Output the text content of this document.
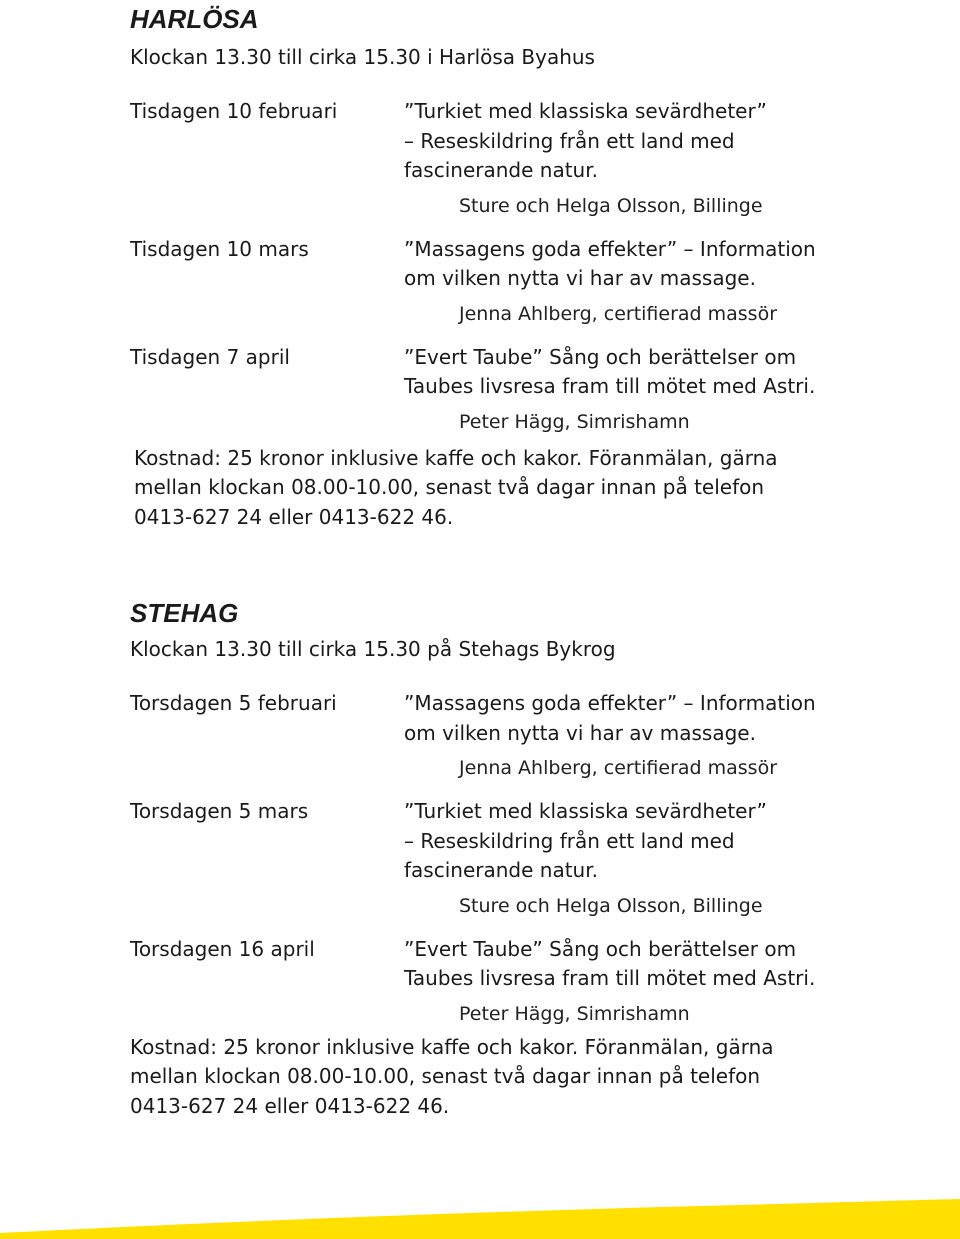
HARLÖSA

Klockan 13.30 till cirka 15.30 i Harlösa Byahus

Tisdagen 10 februari	”Turkiet med klassiska sevärdheter”
– Reseskildring från ett land med
fascinerande natur.
Sture och Helga Olsson, Billinge
Tisdagen 10 mars	”Massagens goda effekter” – Information
om vilken nytta vi har av massage.
Jenna Ahlberg, certifierad massör
Tisdagen 7 april	”Evert Taube” Sång och berättelser om
Taubes livsresa fram till mötet med Astri.
Peter Hägg, Simrishamn
Kostnad: 25 kronor inklusive kaffe och kakor. Föranmälan, gärna
mellan klockan 08.00-10.00, senast två dagar innan på telefon
0413-627 24 eller 0413-622 46.
STEHAG

Klockan 13.30 till cirka 15.30 på Stehags Bykrog

Torsdagen 5 februari	”Massagens goda effekter” – Information
om vilken nytta vi har av massage.
Jenna Ahlberg, certifierad massör
Torsdagen 5 mars	”Turkiet med klassiska sevärdheter”
– Reseskildring från ett land med
fascinerande natur.
Sture och Helga Olsson, Billinge
Torsdagen 16 april	”Evert Taube” Sång och berättelser om
Taubes livsresa fram till mötet med Astri.
Peter Hägg, Simrishamn
Kostnad: 25 kronor inklusive kaffe och kakor. Föranmälan, gärna
mellan klockan 08.00-10.00, senast två dagar innan på telefon
0413-627 24 eller 0413-622 46.
